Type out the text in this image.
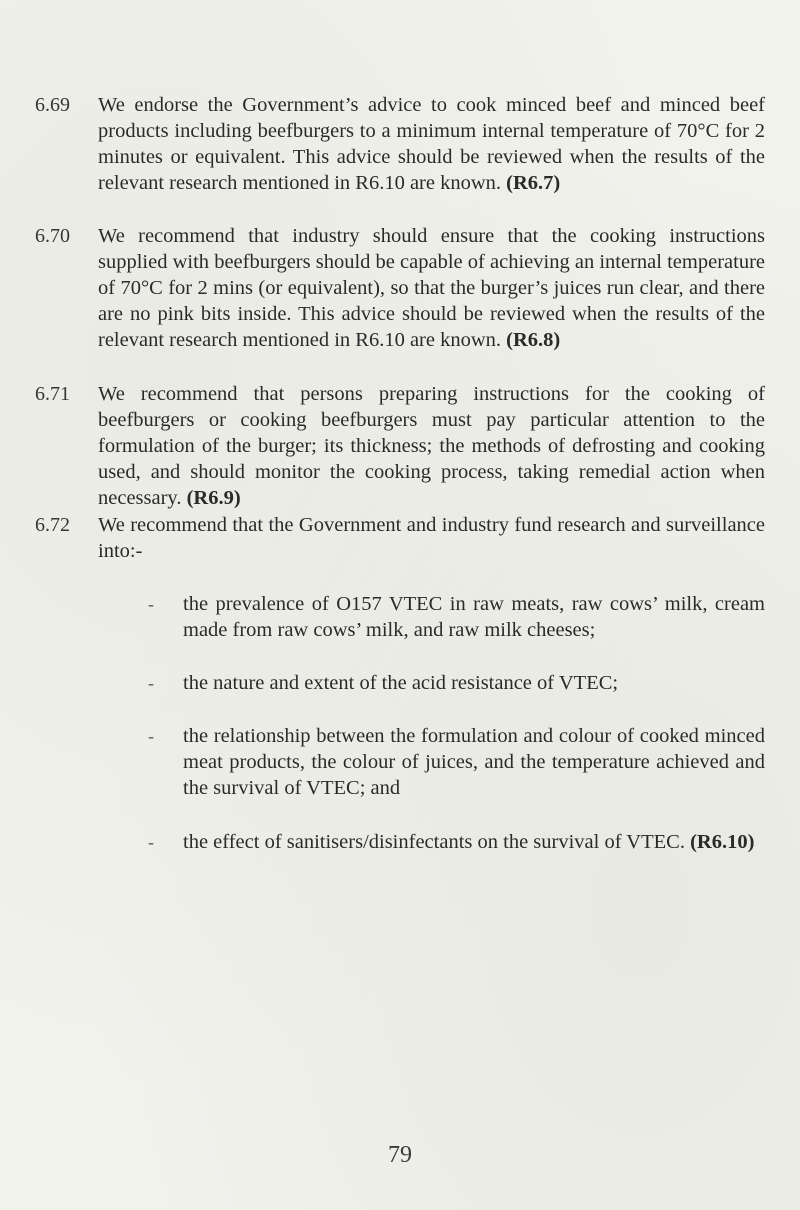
6.69	We endorse the Government’s advice to cook minced beef and minced beef products including beefburgers to a minimum internal temperature of 70°C for 2 minutes or equivalent. This advice should be reviewed when the results of the relevant research mentioned in R6.10 are known. (R6.7)
6.70	We recommend that industry should ensure that the cooking instructions supplied with beefburgers should be capable of achieving an internal temperature of 70°C for 2 mins (or equivalent), so that the burger’s juices run clear, and there are no pink bits inside. This advice should be reviewed when the results of the relevant research mentioned in R6.10 are known. (R6.8)
6.71	We recommend that persons preparing instructions for the cooking of beefburgers or cooking beefburgers must pay particular attention to the formulation of the burger; its thickness; the methods of defrosting and cooking used, and should monitor the cooking process, taking remedial action when necessary. (R6.9)
6.72	We recommend that the Government and industry fund research and surveillance into:-
- the prevalence of O157 VTEC in raw meats, raw cows’ milk, cream made from raw cows’ milk, and raw milk cheeses;
- the nature and extent of the acid resistance of VTEC;
- the relationship between the formulation and colour of cooked minced meat products, the colour of juices, and the temperature achieved and the survival of VTEC; and
- the effect of sanitisers/disinfectants on the survival of VTEC. (R6.10)
79
